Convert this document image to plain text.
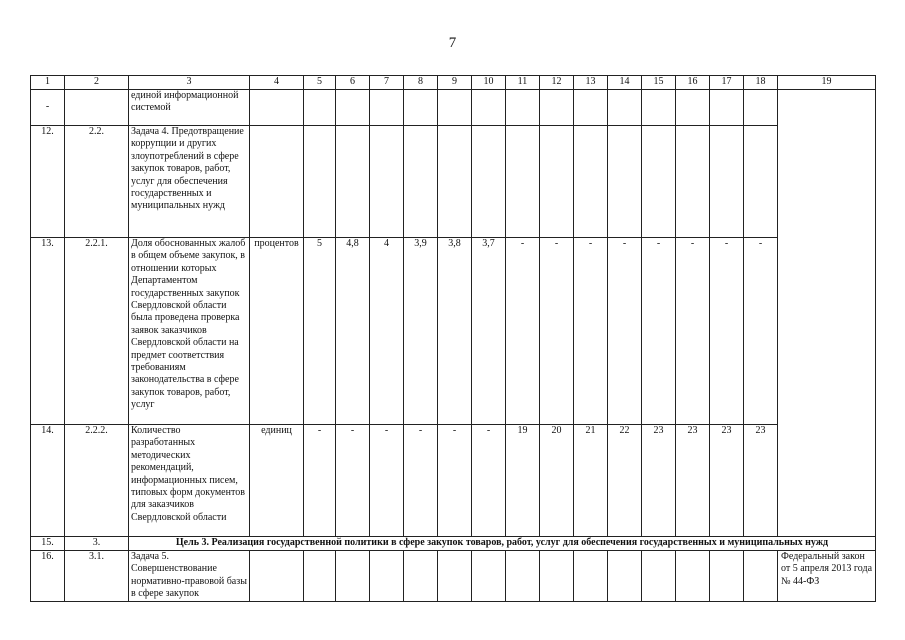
7
1	2	3	4	5	6	7	8	9	10	11	12	13	14	15	16	17	18	19
-		единой информационной системой																
12.	2.2.	Задача 4. Предотвращение коррупции и других злоупотреблений в сфере закупок товаров, работ, услуг для обеспечения государственных и муниципальных нужд																
13.	2.2.1.	Доля обоснованных жалоб в общем объеме закупок, в отношении которых Департаментом государственных закупок Свердловской области была проведена проверка заявок заказчиков Свердловской области на предмет соответствия требованиям законодательства в сфере закупок товаров, работ, услуг	процентов	5	4,8	4	3,9	3,8	3,7	-	-	-	-	-	-	-	-	
14.	2.2.2.	Количество разработанных методических рекомендаций, информационных писем, типовых форм документов для заказчиков Свердловской области	единиц	-	-	-	-	-	-	19	20	21	22	23	23	23	23	
15.	3.	Цель 3. Реализация государственной политики в сфере закупок товаров, работ, услуг для обеспечения государственных и муниципальных нужд																
16.	3.1.	Задача 5. Совершенствование нормативно-правовой базы в сфере закупок																Федеральный закон от 5 апреля 2013 года № 44-ФЗ
